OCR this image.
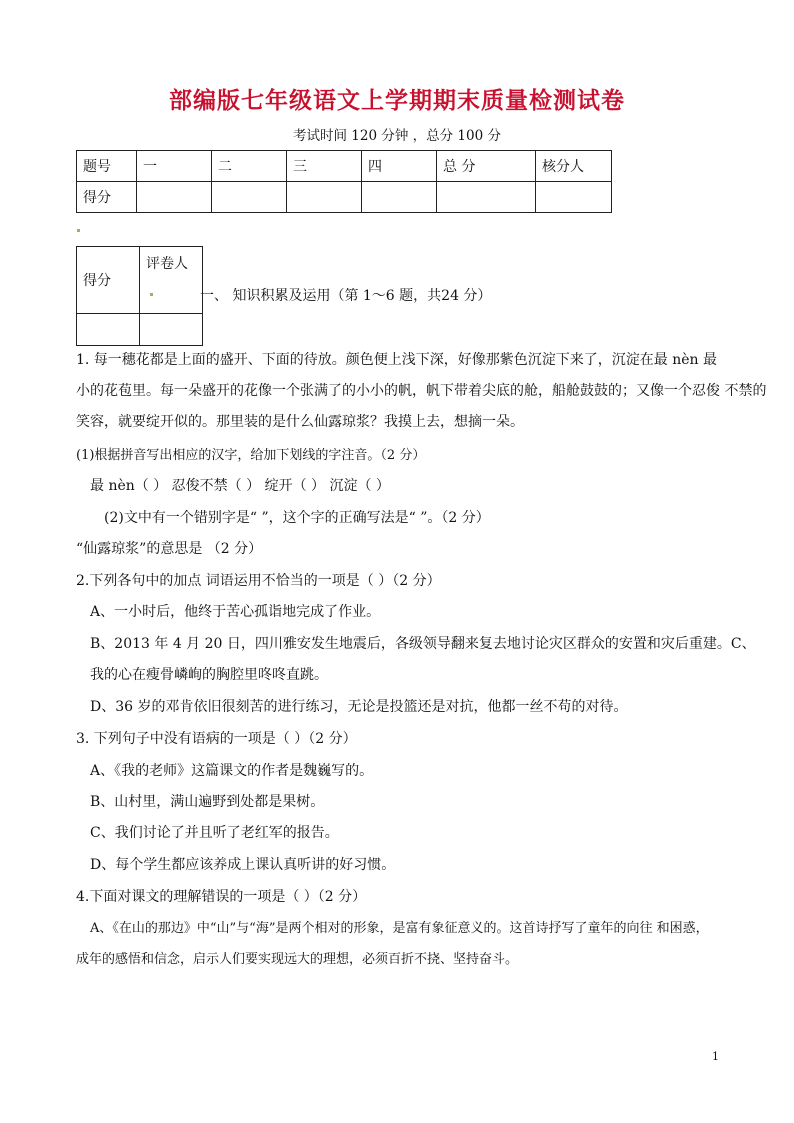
部编版七年级语文上学期期末质量检测试卷
考试时间 120 分钟 ，总分 100 分
题号	一	二	三	四	总 分	核分人
得分						
得分	评卷人

一、 知识积累及运用（第 1～6 题，共24 分）
1. 每一穗花都是上面的盛开、下面的待放。颜色便上浅下深，好像那紫色沉淀下来了，沉淀在最 nèn 最
小的花苞里。每一朵盛开的花像一个张满了的小小的帆，帆下带着尖底的舱，船舱鼓鼓的；又像一个忍俊 不禁的
笑容，就要绽开似的。那里装的是什么仙露琼浆？我摸上去，想摘一朵。
(1)根据拼音写出相应的汉字，给加下划线的字注音。（2 分）
最 nèn（ ） 忍俊不禁（ ） 绽开（ ） 沉淀（ ）
(2)文中有一个错别字是“ ”，这个字的正确写法是“ ”。（2 分）
“仙露琼浆”的意思是 （2 分）
2.下列各句中的加点 词语运用不恰当的一项是（ ）（2 分）
A、一小时后，他终于苦心孤诣地完成了作业。
B、2013 年 4 月 20 日，四川雅安发生地震后，各级领导翻来复去地讨论灾区群众的安置和灾后重建。C、
我的心在瘦骨嶙峋的胸腔里咚咚直跳。
D、36 岁的邓肯依旧很刻苦的进行练习，无论是投篮还是对抗，他都一丝不苟的对待。
3. 下列句子中没有语病的一项是（ ）（2 分）
A、《我的老师》这篇课文的作者是魏巍写的。
B、山村里，满山遍野到处都是果树。
C、我们讨论了并且听了老红军的报告。
D、每个学生都应该养成上课认真听讲的好习惯。
4.下面对课文的理解错误的一项是（ ）（2 分）
A、《在山的那边》中“山”与“海”是两个相对的形象，是富有象征意义的。这首诗抒写了童年的向往 和困惑，
成年的感悟和信念，启示人们要实现远大的理想，必须百折不挠、坚持奋斗。
1
